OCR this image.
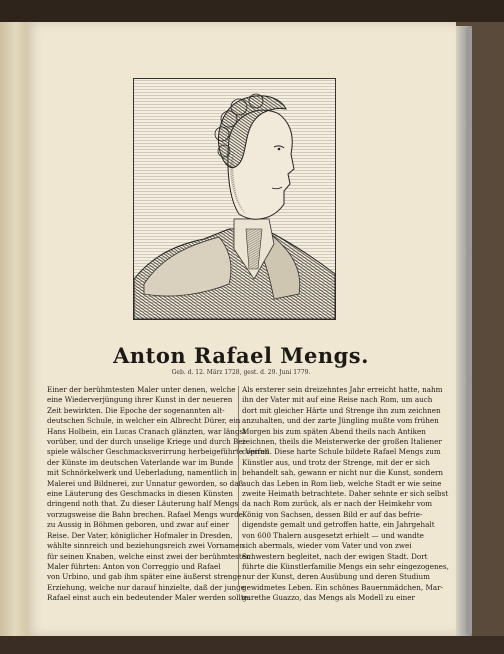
Anton Rafael Mengs.
Geb. d. 12. März 1728, gest. d. 29. Juni 1779.
Einer der berühmtesten Maler unter denen, welche
eine Wiederverjüngung ihrer Kunst in der neueren
Zeit bewirkten. Die Epoche der sogenannten alt-
deutschen Schule, in welcher ein Albrecht Dürer, ein
Hans Holbein, ein Lucas Cranach glänzten, war längst
vorüber, und der durch unselige Kriege und durch Bei-
spiele wälscher Geschmacksverirrung herbeigeführte Verfall
der Künste im deutschen Vaterlande war im Bunde
mit Schnörkelwerk und Ueberladung, namentlich in
Malerei und Bildnerei, zur Unnatur geworden, so daß
eine Läuterung des Geschmacks in diesen Künsten
dringend noth that. Zu dieser Läuterung half Mengs
vorzugsweise die Bahn brechen. Rafael Mengs wurde
zu Aussig in Böhmen geboren, und zwar auf einer
Reise. Der Vater, königlicher Hofmaler in Dresden,
wählte sinnreich und beziehungsreich zwei Vornamen
für seinen Knaben, welche einst zwei der berühmtesten
Maler führten: Anton von Correggio und Rafael
von Urbino, und gab ihm später eine äußerst strenge
Erziehung, welche nur darauf hinzielte, daß der junge
Rafael einst auch ein bedeutender Maler werden sollte.
Als ersterer sein dreizehntes Jahr erreicht hatte, nahm
ihn der Vater mit auf eine Reise nach Rom, um auch
dort mit gleicher Härte und Strenge ihn zum zeichnen
anzuhalten, und der zarte Jüngling mußte vom frühen
Morgen bis zum späten Abend theils nach Antiken
zeichnen, theils die Meisterwerke der großen Italiener
copiren. Diese harte Schule bildete Rafael Mengs zum
Künstler aus, und trotz der Strenge, mit der er sich
behandelt sah, gewann er nicht nur die Kunst, sondern
auch das Leben in Rom lieb, welche Stadt er wie seine
zweite Heimath betrachtete. Daher sehnte er sich selbst
da nach Rom zurück, als er nach der Heimkehr vom
König von Sachsen, dessen Bild er auf das befrie-
digendste gemalt und getroffen hatte, ein Jahrgehalt
von 600 Thalern ausgesetzt erhielt — und wandte
sich abermals, wieder vom Vater und von zwei
Schwestern begleitet, nach der ewigen Stadt. Dort
führte die Künstlerfamilie Mengs ein sehr eingezogenes,
nur der Kunst, deren Ausübung und deren Studium
gewidmetes Leben. Ein schönes Bauernmädchen, Mar-
garethe Guazzo, das Mengs als Modell zu einer
